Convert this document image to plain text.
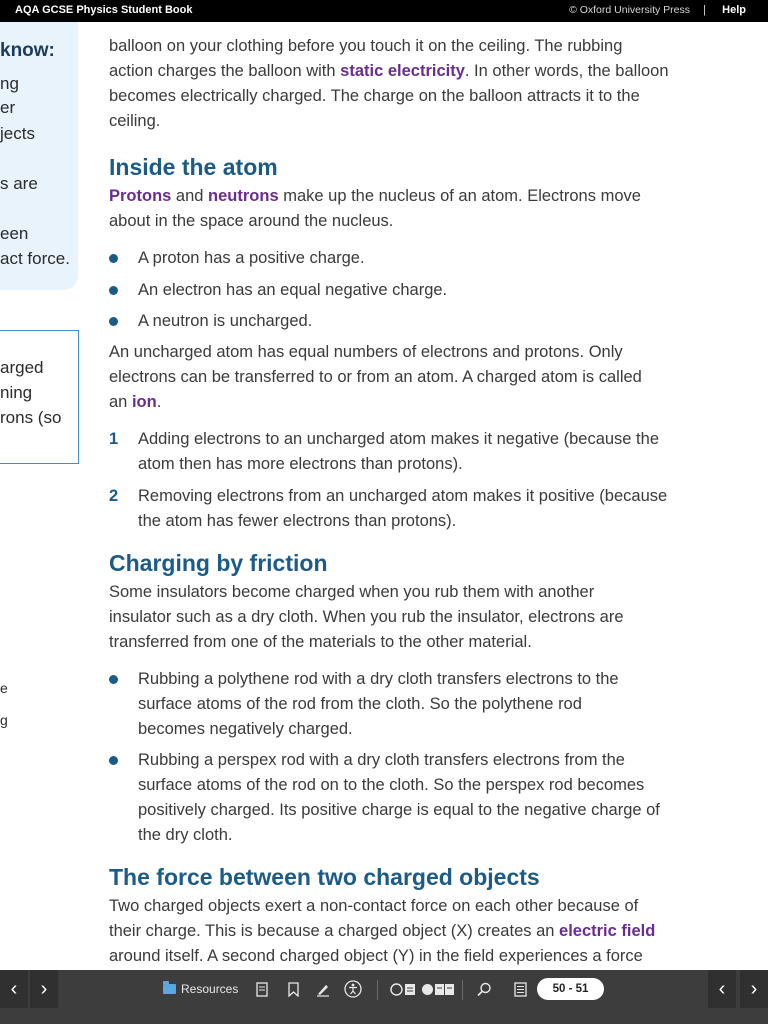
AQA GCSE Physics Student Book	© Oxford University Press | Help
know:
ng
er
jects
s are
een
act force.
arged
ning
rons (so
e
g
balloon on your clothing before you touch it on the ceiling. The rubbing action charges the balloon with static electricity. In other words, the balloon becomes electrically charged. The charge on the balloon attracts it to the ceiling.
Inside the atom
Protons and neutrons make up the nucleus of an atom. Electrons move about in the space around the nucleus.
A proton has a positive charge.
An electron has an equal negative charge.
A neutron is uncharged.
An uncharged atom has equal numbers of electrons and protons. Only electrons can be transferred to or from an atom. A charged atom is called an ion.
1 Adding electrons to an uncharged atom makes it negative (because the atom then has more electrons than protons).
2 Removing electrons from an uncharged atom makes it positive (because the atom has fewer electrons than protons).
Charging by friction
Some insulators become charged when you rub them with another insulator such as a dry cloth. When you rub the insulator, electrons are transferred from one of the materials to the other material.
Rubbing a polythene rod with a dry cloth transfers electrons to the surface atoms of the rod from the cloth. So the polythene rod becomes negatively charged.
Rubbing a perspex rod with a dry cloth transfers electrons from the surface atoms of the rod on to the cloth. So the perspex rod becomes positively charged. Its positive charge is equal to the negative charge of the dry cloth.
The force between two charged objects
Two charged objects exert a non-contact force on each other because of their charge. This is because a charged object (X) creates an electric field around itself. A second charged object (Y) in the field experiences a force
‹	›	Resources	50 - 51	‹	›
